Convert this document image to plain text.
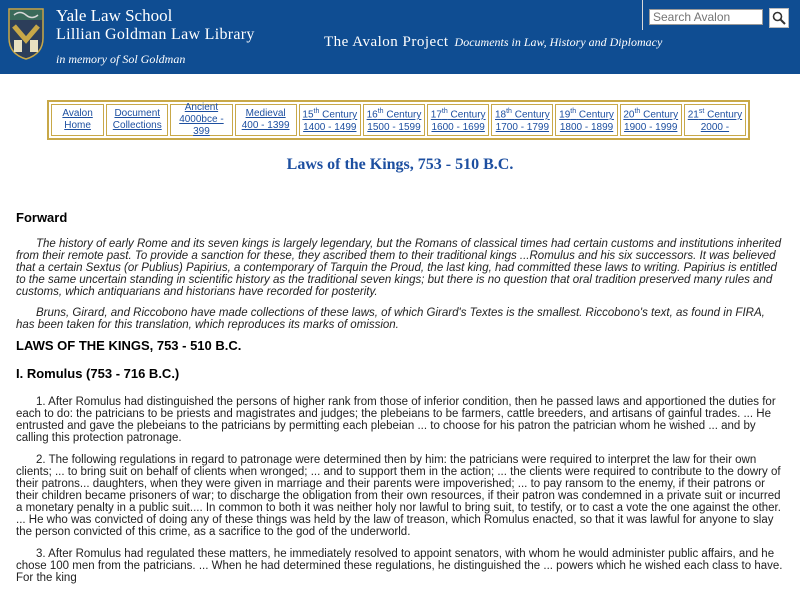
Yale Law School
Lillian Goldman Law Library
in memory of Sol Goldman
The Avalon Project Documents in Law, History and Diplomacy
Search Avalon
Avalon Home
Document
Collections
Ancient
4000bce - 399
Medieval
400 - 1399
15th Century
1400 - 1499
16th Century
1500 - 1599
17th Century
1600 - 1699
18th Century
1700 - 1799
19th Century
1800 - 1899
20th Century
1900 - 1999
21st Century
2000 -
Laws of the Kings, 753 - 510 B.C.
Forward

The history of early Rome and its seven kings is largely legendary, but the Romans of classical times had certain customs and institutions inherited from their remote past. To provide a sanction for these, they ascribed them to their traditional kings ...Romulus and his six successors. It was believed that a certain Sextus (or Publius) Papirius, a contemporary of Tarquin the Proud, the last king, had committed these laws to writing. Papirius is entitled to the same uncertain standing in scientific history as the traditional seven kings; but there is no question that oral tradition preserved many rules and customs, which antiquarians and historians have recorded for posterity.

Bruns, Girard, and Riccobono have made collections of these laws, of which Girard's Textes is the smallest. Riccobono's text, as found in FIRA, has been taken for this translation, which reproduces its marks of omission.

LAWS OF THE KINGS, 753 - 510 B.C.
I. Romulus (753 - 716 B.C.)

1. After Romulus had distinguished the persons of higher rank from those of inferior condition, then he passed laws and apportioned the duties for each to do: the patricians to be priests and magistrates and judges; the plebeians to be farmers, cattle breeders, and artisans of gainful trades. ... He entrusted and gave the plebeians to the patricians by permitting each plebeian ... to choose for his patron the patrician whom he wished ... and by calling this protection patronage.

2. The following regulations in regard to patronage were determined then by him: the patricians were required to interpret the law for their own clients; ... to bring suit on behalf of clients when wronged; ... and to support them in the action; ... the clients were required to contribute to the dowry of their patrons... daughters, when they were given in marriage and their parents were impoverished; ... to pay ransom to the enemy, if their patrons or their children became prisoners of war; to discharge the obligation from their own resources, if their patron was condemned in a private suit or incurred a monetary penalty in a public suit.... In common to both it was neither holy nor lawful to bring suit, to testify, or to cast a vote the one against the other. ... He who was convicted of doing any of these things was held by the law of treason, which Romulus enacted, so that it was lawful for anyone to slay the person convicted of this crime, as a sacrifice to the god of the underworld.

3. After Romulus had regulated these matters, he immediately resolved to appoint senators, with whom he would administer public affairs, and he chose 100 men from the patricians. ... When he had determined these regulations, he distinguished the ... powers which he wished each class to have. For the king
